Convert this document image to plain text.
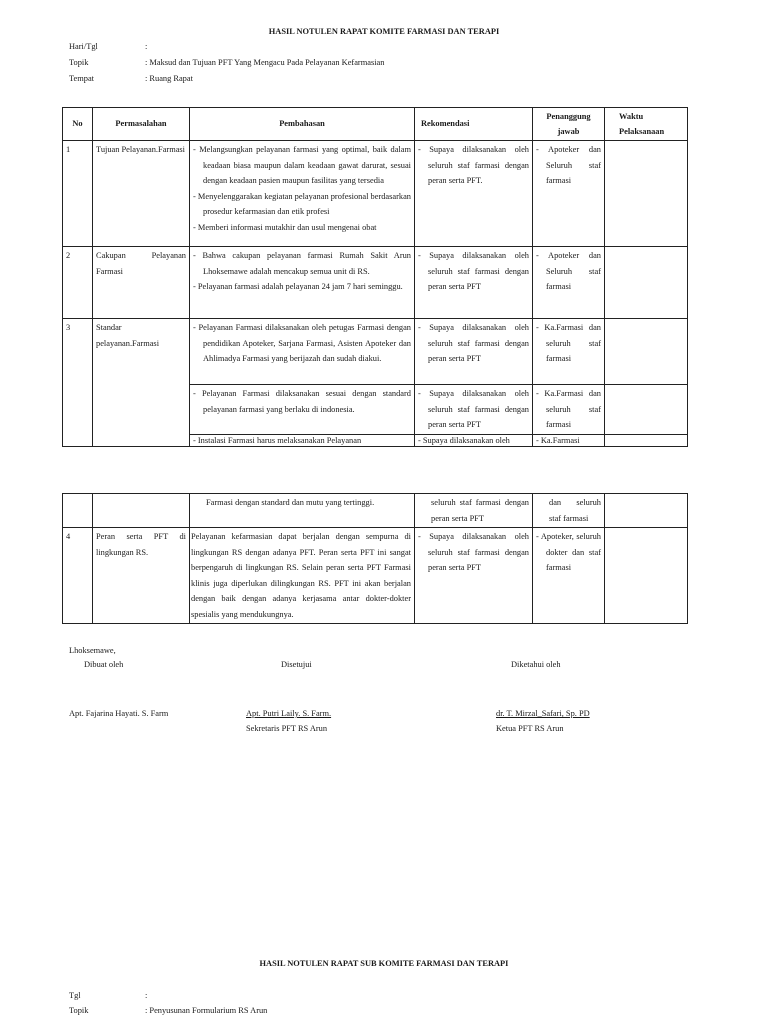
HASIL NOTULEN RAPAT KOMITE FARMASI DAN TERAPI
Hari/Tgl	:
Topik	: Maksud dan Tujuan PFT Yang Mengacu Pada Pelayanan Kefarmasian
Tempat	: Ruang Rapat
No	Permasalahan	Pembahasan	Rekomendasi	Penanggung
jawab	Waktu
Pelaksanaan
1	Tujuan Pelayanan.Farmasi	- Melangsungkan pelayanan farmasi yang optimal, baik dalam keadaan biasa maupun dalam keadaan gawat darurat, sesuai dengan keadaan pasien maupun fasilitas yang tersedia
- Menyelenggarakan kegiatan pelayanan profesional berdasarkan prosedur kefarmasian dan etik profesi
- Memberi informasi mutakhir dan usul mengenai obat	- Supaya dilaksanakan oleh seluruh staf farmasi dengan peran serta PFT.	- Apoteker dan Seluruh staf farmasi	

2	Cakupan Pelayanan Farmasi	- Bahwa cakupan pelayanan farmasi Rumah Sakit Arun Lhoksemawe adalah mencakup semua unit di RS.
- Pelayanan farmasi adalah pelayanan 24 jam 7 hari seminggu.	- Supaya dilaksanakan oleh seluruh staf farmasi dengan peran serta PFT	- Apoteker dan Seluruh staf farmasi	

3	Standar pelayanan.Farmasi	- Pelayanan Farmasi dilaksanakan oleh petugas Farmasi dengan pendidikan Apoteker, Sarjana Farmasi, Asisten Apoteker dan Ahlimadya Farmasi yang berijazah dan sudah diakui.	- Supaya dilaksanakan oleh seluruh staf farmasi dengan peran serta PFT	- Ka.Farmasi dan seluruh staf farmasi	

		- Pelayanan Farmasi dilaksanakan sesuai dengan standard pelayanan farmasi yang berlaku di indonesia.	- Supaya dilaksanakan oleh seluruh staf farmasi dengan peran serta PFT	- Ka.Farmasi dan seluruh staf farmasi	

		- Instalasi Farmasi harus melaksanakan Pelayanan	- Supaya dilaksanakan oleh	- Ka.Farmasi	

		Farmasi dengan standard dan mutu yang tertinggi.	seluruh staf farmasi dengan peran serta PFT	dan seluruh staf farmasi	
4	Peran serta PFT di lingkungan RS.	Pelayanan kefarmasian dapat berjalan dengan sempurna di lingkungan RS dengan adanya PFT. Peran serta PFT ini sangat berpengaruh di lingkungan RS. Selain peran serta PFT Farmasi klinis juga diperlukan dilingkungan RS. PFT ini akan berjalan dengan baik dengan adanya kerjasama antar dokter-dokter spesialis yang mendukungnya.	- Supaya dilaksanakan oleh seluruh staf farmasi dengan peran serta PFT	- Apoteker, seluruh dokter dan staf farmasi	

Lhoksemawe,
Dibuat oleh	Disetujui	Diketahui oleh
Apt. Fajarina Hayati. S. Farm	Apt. Putri Laily. S. Farm.
Sekretaris PFT RS Arun
dr. T. Mirzal_Safari, Sp. PD
Ketua PFT RS Arun
HASIL NOTULEN RAPAT SUB KOMITE FARMASI DAN TERAPI
Tgl	:
Topik	: Penyusunan Formularium RS Arun
